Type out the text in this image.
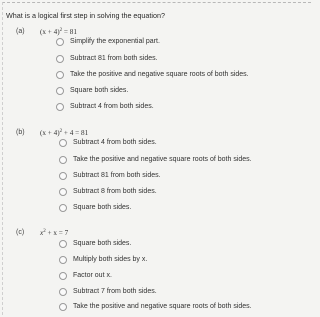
What is a logical first step in solving the equation?
(a) $(x + 4)^2 = 81$
Simplify the exponential part.
Subtract 81 from both sides.
Take the positive and negative square roots of both sides.
Square both sides.
Subtract 4 from both sides.
(b) $(x + 4)^2 + 4 = 81$
Subtract 4 from both sides.
Take the positive and negative square roots of both sides.
Subtract 81 from both sides.
Subtract 8 from both sides.
Square both sides.
(c) $x^2 + x = 7$
Square both sides.
Multiply both sides by x.
Factor out x.
Subtract 7 from both sides.
Take the positive and negative square roots of both sides.
